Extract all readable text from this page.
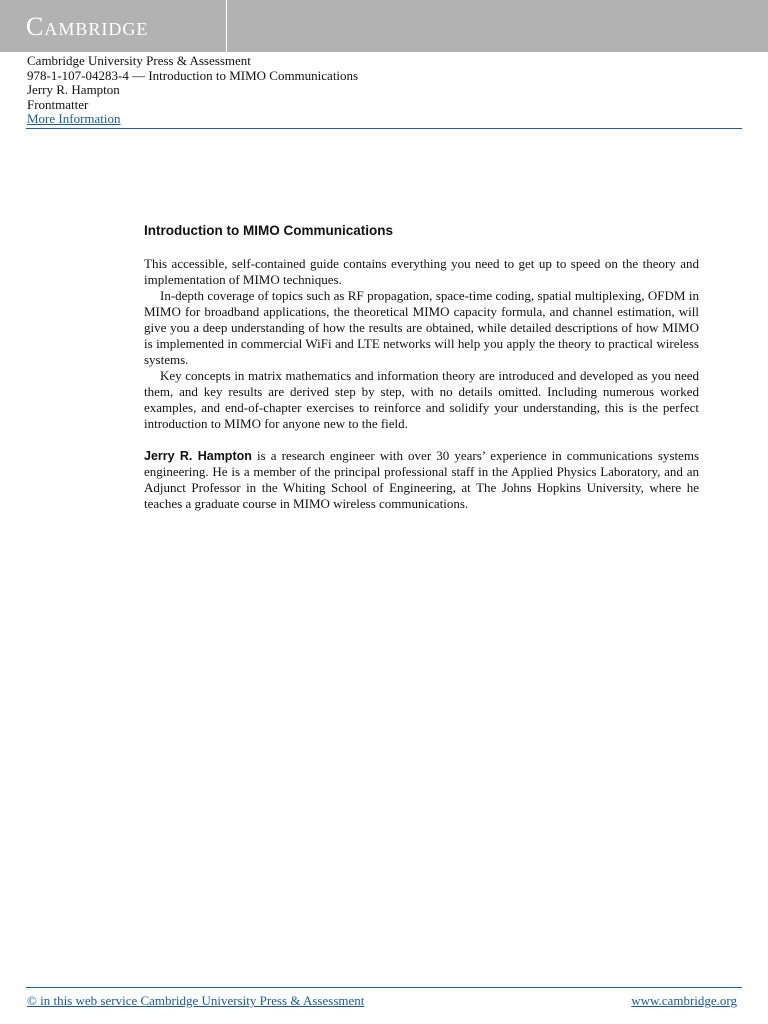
Cambridge
Cambridge University Press & Assessment
978-1-107-04283-4 — Introduction to MIMO Communications
Jerry R. Hampton
Frontmatter
More Information
Introduction to MIMO Communications

This accessible, self-contained guide contains everything you need to get up to speed on the theory and implementation of MIMO techniques.

In-depth coverage of topics such as RF propagation, space-time coding, spatial multiplexing, OFDM in MIMO for broadband applications, the theoretical MIMO capacity formula, and channel estimation, will give you a deep understanding of how the results are obtained, while detailed descriptions of how MIMO is implemented in commercial WiFi and LTE networks will help you apply the theory to practical wireless systems.

Key concepts in matrix mathematics and information theory are introduced and developed as you need them, and key results are derived step by step, with no details omitted. Including numerous worked examples, and end-of-chapter exercises to reinforce and solidify your understanding, this is the perfect introduction to MIMO for anyone new to the field.

Jerry R. Hampton is a research engineer with over 30 years’ experience in communications systems engineering. He is a member of the principal professional staff in the Applied Physics Laboratory, and an Adjunct Professor in the Whiting School of Engineering, at The Johns Hopkins University, where he teaches a graduate course in MIMO wireless communications.

© in this web service Cambridge University Press & Assessment	www.cambridge.org
